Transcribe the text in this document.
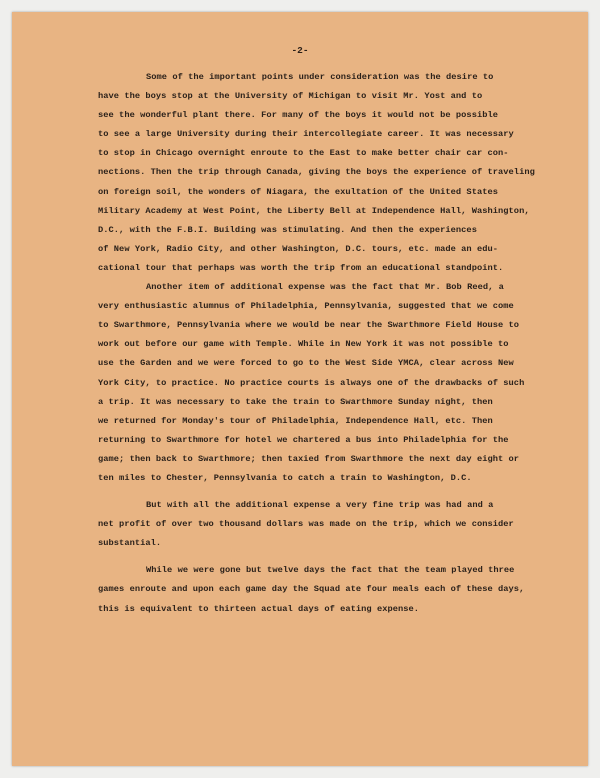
-2-
Some of the important points under consideration was the desire to
have the boys stop at the University of Michigan to visit Mr. Yost and to
see the wonderful plant there. For many of the boys it would not be possible
to see a large University during their intercollegiate career. It was necessary
to stop in Chicago overnight enroute to the East to make better chair car con-
nections. Then the trip through Canada, giving the boys the experience of traveling
on foreign soil, the wonders of Niagara, the exultation of the United States
Military Academy at West Point, the Liberty Bell at Independence Hall, Washington,
D.C., with the F.B.I. Building was stimulating. And then the experiences
of New York, Radio City, and other Washington, D.C. tours, etc. made an edu-
cational tour that perhaps was worth the trip from an educational standpoint.
Another item of additional expense was the fact that Mr. Bob Reed, a
very enthusiastic alumnus of Philadelphia, Pennsylvania, suggested that we come
to Swarthmore, Pennsylvania where we would be near the Swarthmore Field House to
work out before our game with Temple. While in New York it was not possible to
use the Garden and we were forced to go to the West Side YMCA, clear across New
York City, to practice. No practice courts is always one of the drawbacks of such
a trip. It was necessary to take the train to Swarthmore Sunday night, then
we returned for Monday's tour of Philadelphia, Independence Hall, etc. Then
returning to Swarthmore for hotel we chartered a bus into Philadelphia for the
game; then back to Swarthmore; then taxied from Swarthmore the next day eight or
ten miles to Chester, Pennsylvania to catch a train to Washington, D.C.
But with all the additional expense a very fine trip was had and a
net profit of over two thousand dollars was made on the trip, which we consider
substantial.
While we were gone but twelve days the fact that the team played three
games enroute and upon each game day the Squad ate four meals each of these days,
this is equivalent to thirteen actual days of eating expense.
